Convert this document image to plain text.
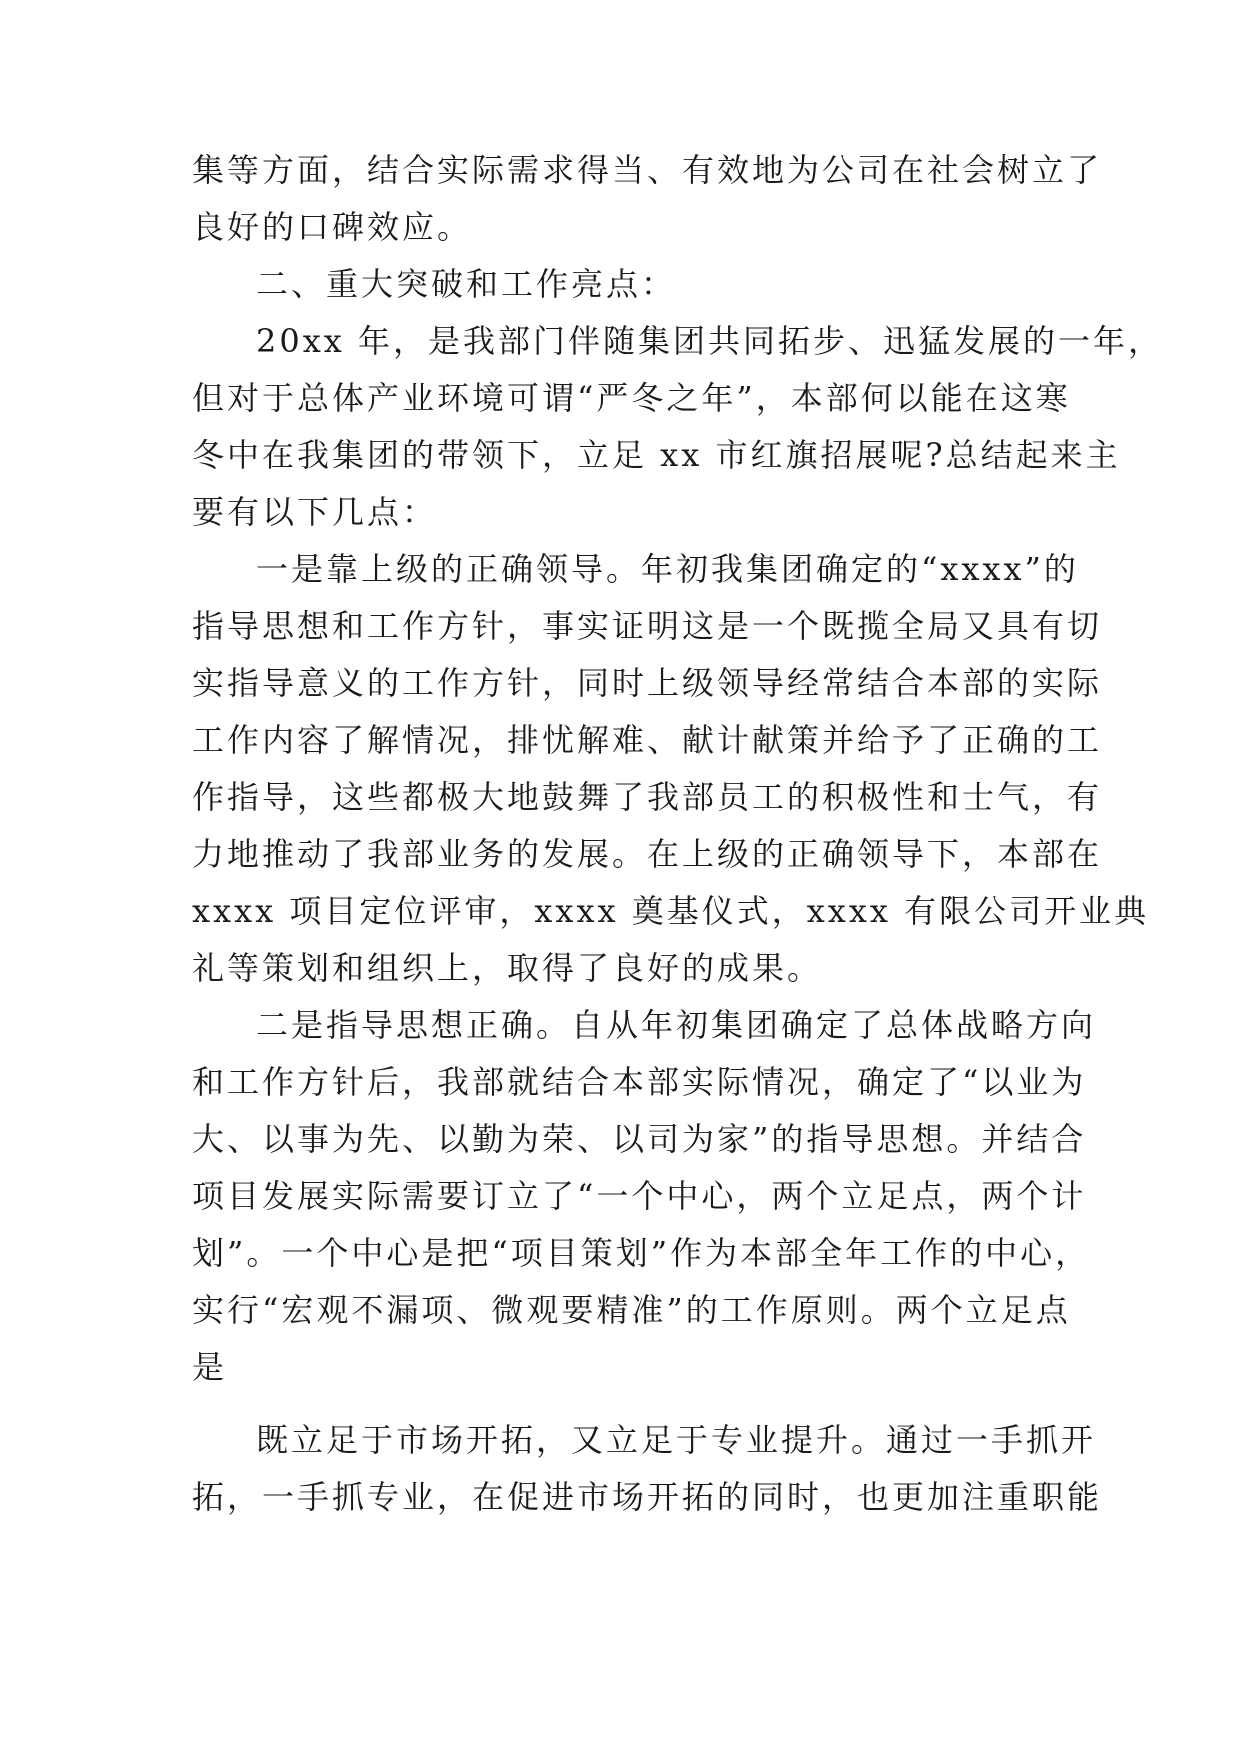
集等方面，结合实际需求得当、有效地为公司在社会树立了
良好的口碑效应。
二、重大突破和工作亮点：
20xx 年，是我部门伴随集团共同拓步、迅猛发展的一年，
但对于总体产业环境可谓“严冬之年”，本部何以能在这寒
冬中在我集团的带领下，立足 xx 市红旗招展呢?总结起来主
要有以下几点：
一是靠上级的正确领导。年初我集团确定的“xxxx”的
指导思想和工作方针，事实证明这是一个既揽全局又具有切
实指导意义的工作方针，同时上级领导经常结合本部的实际
工作内容了解情况，排忧解难、献计献策并给予了正确的工
作指导，这些都极大地鼓舞了我部员工的积极性和士气，有
力地推动了我部业务的发展。在上级的正确领导下，本部在
xxxx 项目定位评审，xxxx 奠基仪式，xxxx 有限公司开业典
礼等策划和组织上，取得了良好的成果。
二是指导思想正确。自从年初集团确定了总体战略方向
和工作方针后，我部就结合本部实际情况，确定了“以业为
大、以事为先、以勤为荣、以司为家”的指导思想。并结合
项目发展实际需要订立了“一个中心，两个立足点，两个计
划”。一个中心是把“项目策划”作为本部全年工作的中心，
实行“宏观不漏项、微观要精准”的工作原则。两个立足点
是
既立足于市场开拓，又立足于专业提升。通过一手抓开
拓，一手抓专业，在促进市场开拓的同时，也更加注重职能
